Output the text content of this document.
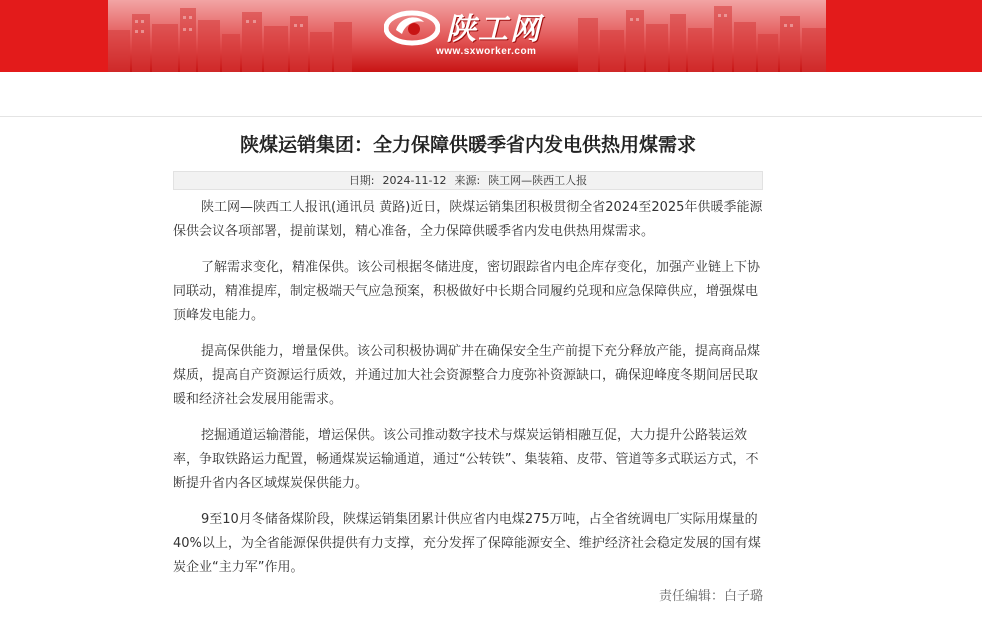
陕工网
www.sxworker.com
陕煤运销集团：全力保障供暖季省内发电供热用煤需求
日期: 2024-11-12 来源: 陕工网—陕西工人报

陕工网—陕西工人报讯(通讯员 黄路)近日，陕煤运销集团积极贯彻全省2024至2025年供暖季能源保供会议各项部署，提前谋划，精心准备，全力保障供暖季省内发电供热用煤需求。

了解需求变化，精准保供。该公司根据冬储进度，密切跟踪省内电企库存变化，加强产业链上下协同联动，精准提库，制定极端天气应急预案，积极做好中长期合同履约兑现和应急保障供应，增强煤电顶峰发电能力。

提高保供能力，增量保供。该公司积极协调矿井在确保安全生产前提下充分释放产能，提高商品煤煤质，提高自产资源运行质效，并通过加大社会资源整合力度弥补资源缺口，确保迎峰度冬期间居民取暖和经济社会发展用能需求。

挖掘通道运输潜能，增运保供。该公司推动数字技术与煤炭运销相融互促，大力提升公路装运效率，争取铁路运力配置，畅通煤炭运输通道，通过“公转铁”、集装箱、皮带、管道等多式联运方式，不断提升省内各区域煤炭保供能力。

9至10月冬储备煤阶段，陕煤运销集团累计供应省内电煤275万吨，占全省统调电厂实际用煤量的40%以上，为全省能源保供提供有力支撑，充分发挥了保障能源安全、维护经济社会稳定发展的国有煤炭企业“主力军”作用。

责任编辑：白子璐
